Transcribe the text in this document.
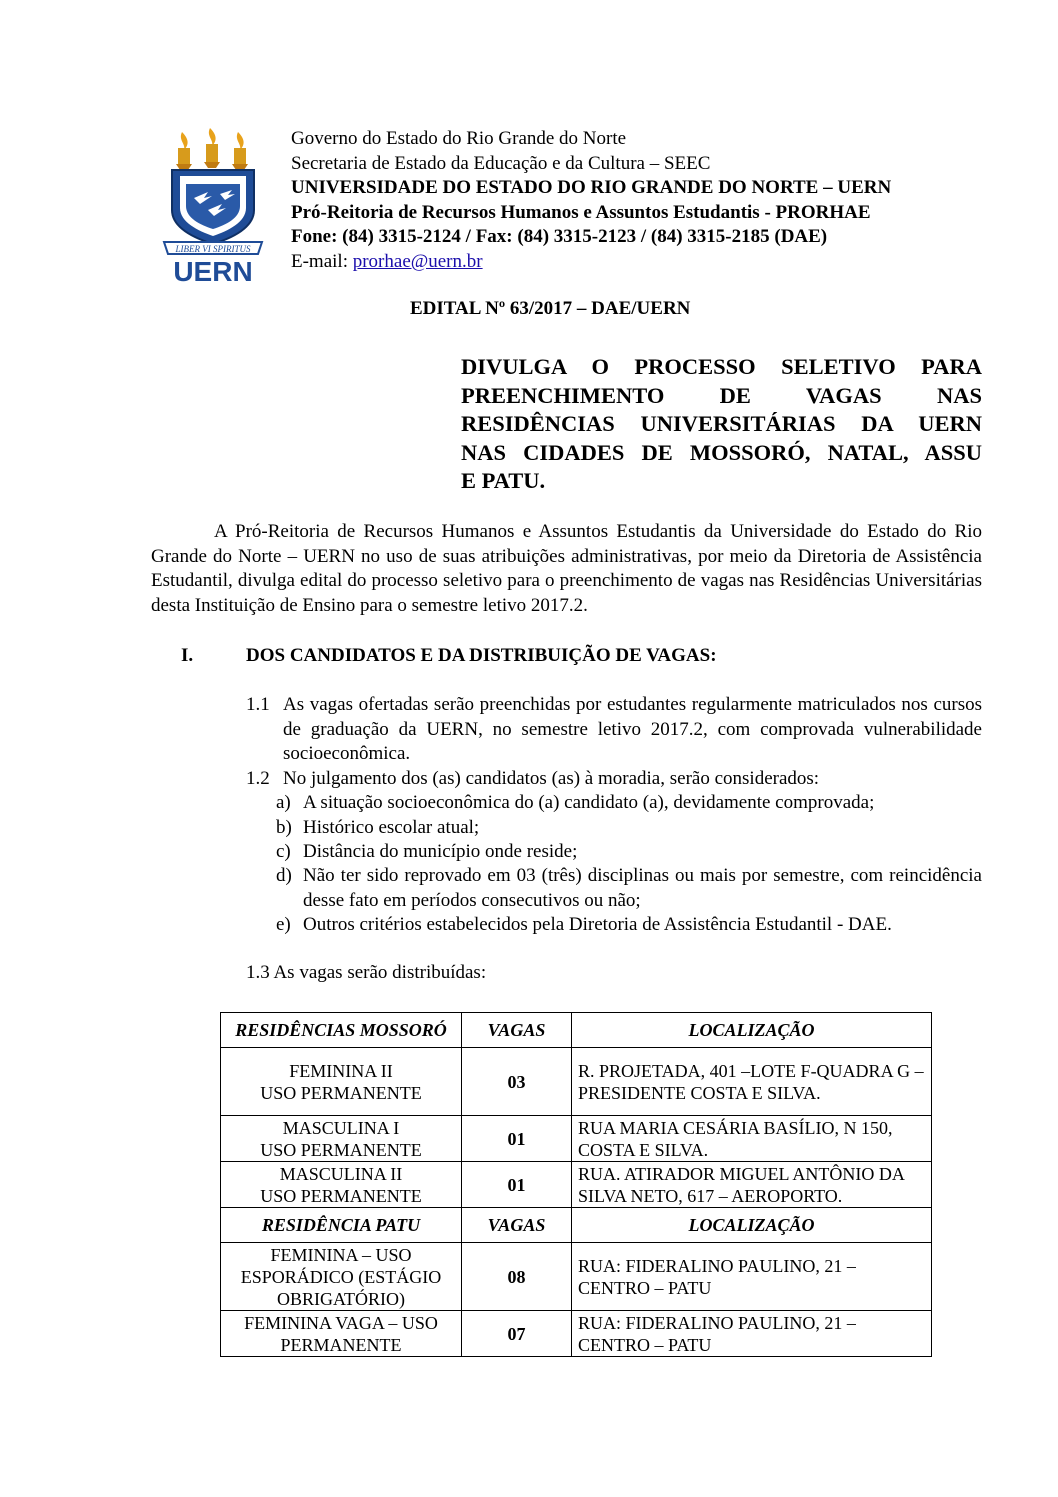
LIBER VI SPIRITUS
UERN
Governo do Estado do Rio Grande do Norte
Secretaria de Estado da Educação e da Cultura – SEEC
UNIVERSIDADE DO ESTADO DO RIO GRANDE DO NORTE – UERN
Pró-Reitoria de Recursos Humanos e Assuntos Estudantis - PRORHAE
Fone: (84) 3315-2124 / Fax: (84) 3315-2123 / (84) 3315-2185 (DAE)
E-mail: prorhae@uern.br
EDITAL Nº 63/2017 – DAE/UERN
DIVULGA O PROCESSO SELETIVO PARA
PREENCHIMENTO DE VAGAS NAS
RESIDÊNCIAS UNIVERSITÁRIAS DA UERN
NAS CIDADES DE MOSSORÓ, NATAL, ASSU
E PATU.
A Pró-Reitoria de Recursos Humanos e Assuntos Estudantis da Universidade do Estado do Rio Grande do Norte – UERN no uso de suas atribuições administrativas, por meio da Diretoria de Assistência Estudantil, divulga edital do processo seletivo para o preenchimento de vagas nas Residências Universitárias desta Instituição de Ensino para o semestre letivo 2017.2.
I.	DOS CANDIDATOS E DA DISTRIBUIÇÃO DE VAGAS:
1.1 As vagas ofertadas serão preenchidas por estudantes regularmente matriculados nos cursos de graduação da UERN, no semestre letivo 2017.2, com comprovada vulnerabilidade socioeconômica.
1.2 No julgamento dos (as) candidatos (as) à moradia, serão considerados:
a) A situação socioeconômica do (a) candidato (a), devidamente comprovada;
b) Histórico escolar atual;
c) Distância do município onde reside;
d) Não ter sido reprovado em 03 (três) disciplinas ou mais por semestre, com reincidência desse fato em períodos consecutivos ou não;
e) Outros critérios estabelecidos pela Diretoria de Assistência Estudantil - DAE.
1.3 As vagas serão distribuídas:
RESIDÊNCIAS MOSSORÓ	VAGAS	LOCALIZAÇÃO
FEMININA II
USO PERMANENTE	03	R. PROJETADA, 401 –LOTE F-QUADRA G – PRESIDENTE COSTA E SILVA.
MASCULINA I
USO PERMANENTE	01	RUA MARIA CESÁRIA BASÍLIO, N 150, COSTA E SILVA.
MASCULINA II
USO PERMANENTE	01	RUA. ATIRADOR MIGUEL ANTÔNIO DA SILVA NETO, 617 – AEROPORTO.
RESIDÊNCIA PATU	VAGAS	LOCALIZAÇÃO
FEMININA – USO
ESPORÁDICO (ESTÁGIO
OBRIGATÓRIO)	08	RUA: FIDERALINO PAULINO, 21 – CENTRO – PATU
FEMININA VAGA – USO
PERMANENTE	07	RUA: FIDERALINO PAULINO, 21 – CENTRO – PATU
